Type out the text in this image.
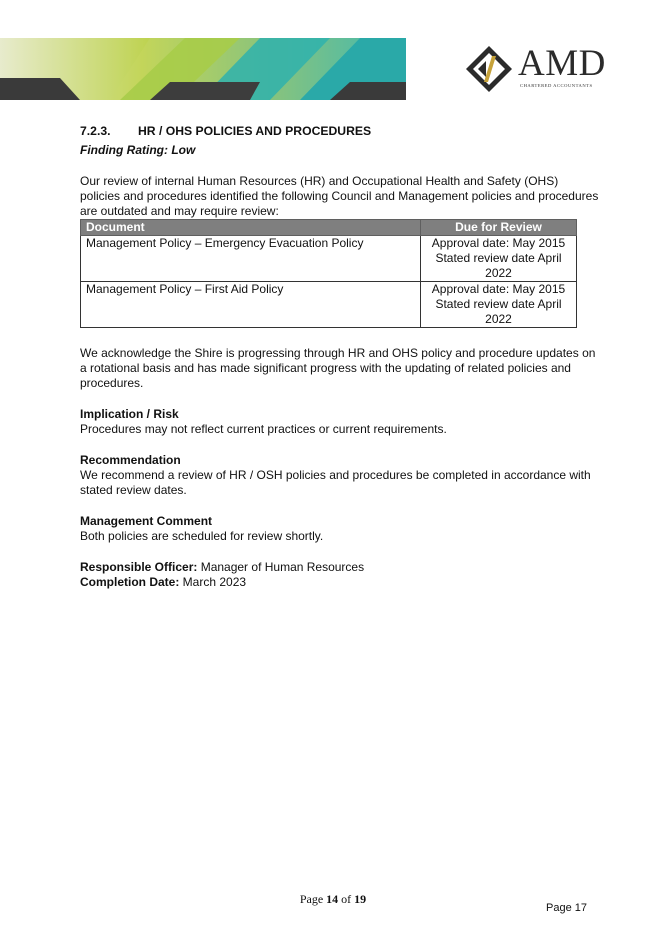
AMD
CHARTERED ACCOUNTANTS
7.2.3. HR / OHS POLICIES AND PROCEDURES
Finding Rating: Low

Our review of internal Human Resources (HR) and Occupational Health and Safety (OHS) policies and procedures identified the following Council and Management policies and procedures are outdated and may require review:

Document	Due for Review
Management Policy – Emergency Evacuation Policy	Approval date: May 2015
Stated review date April 2022

Management Policy – First Aid Policy	Approval date: May 2015
Stated review date April 2022

We acknowledge the Shire is progressing through HR and OHS policy and procedure updates on a rotational basis and has made significant progress with the updating of related policies and procedures.

Implication / Risk

Procedures may not reflect current practices or current requirements.

Recommendation

We recommend a review of HR / OSH policies and procedures be completed in accordance with stated review dates.

Management Comment

Both policies are scheduled for review shortly.

Responsible Officer: Manager of Human Resources
Completion Date: March 2023
Page 14 of 19
Page 17
